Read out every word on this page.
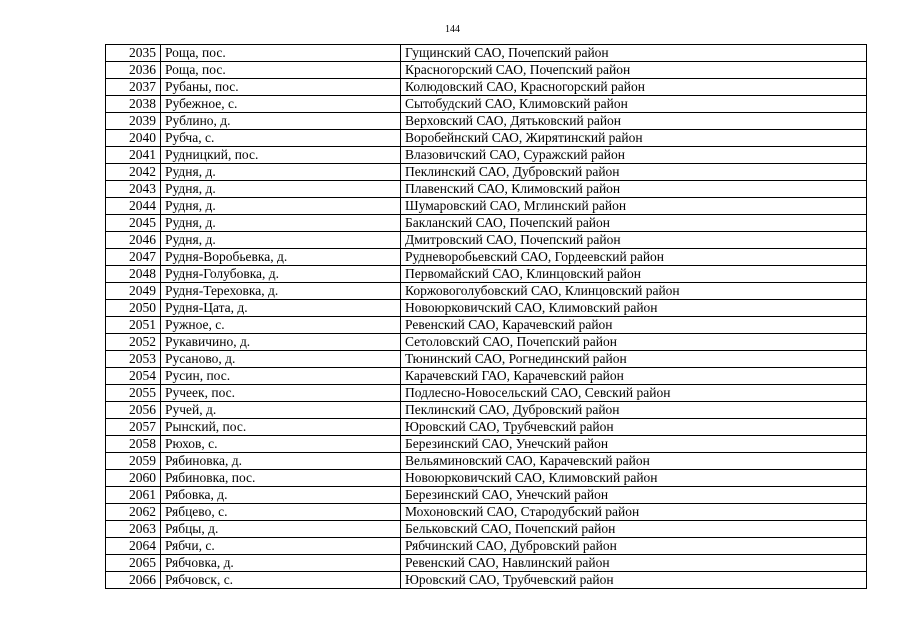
144
2035	Роща, пос.	Гущинский САО, Почепский район
2036	Роща, пос.	Красногорский САО, Почепский район
2037	Рубаны, пос.	Колюдовский САО, Красногорский район
2038	Рубежное, с.	Сытобудский САО, Климовский район
2039	Рублино, д.	Верховский САО, Дятьковский район
2040	Рубча, с.	Воробейнский САО, Жирятинский район
2041	Рудницкий, пос.	Влазовичский САО, Суражский район
2042	Рудня, д.	Пеклинский САО, Дубровский район
2043	Рудня, д.	Плавенский САО, Климовский район
2044	Рудня, д.	Шумаровский САО, Мглинский район
2045	Рудня, д.	Бакланский САО, Почепский район
2046	Рудня, д.	Дмитровский САО, Почепский район
2047	Рудня-Воробьевка, д.	Рудневоробьевский САО, Гордеевский район
2048	Рудня-Голубовка, д.	Первомайский САО, Клинцовский район
2049	Рудня-Тереховка, д.	Коржовоголубовский САО, Клинцовский район
2050	Рудня-Цата, д.	Новоюрковичский САО, Климовский район
2051	Ружное, с.	Ревенский САО, Карачевский район
2052	Рукавичино, д.	Сетоловский САО, Почепский район
2053	Русаново, д.	Тюнинский САО, Рогнединский район
2054	Русин, пос.	Карачевский ГАО, Карачевский район
2055	Ручеек, пос.	Подлесно-Новосельский САО, Севский район
2056	Ручей, д.	Пеклинский САО, Дубровский район
2057	Рынский, пос.	Юровский САО, Трубчевский район
2058	Рюхов, с.	Березинский САО, Унечский район
2059	Рябиновка, д.	Вельяминовский САО, Карачевский район
2060	Рябиновка, пос.	Новоюрковичский САО, Климовский район
2061	Рябовка, д.	Березинский САО, Унечский район
2062	Рябцево, с.	Мохоновский САО, Стародубский район
2063	Рябцы, д.	Бельковский САО, Почепский район
2064	Рябчи, с.	Рябчинский САО, Дубровский район
2065	Рябчовка, д.	Ревенский САО, Навлинский район
2066	Рябчовск, с.	Юровский САО, Трубчевский район
